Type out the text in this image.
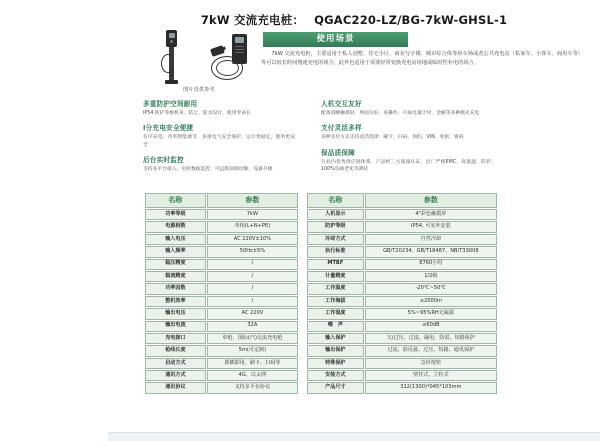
7kW 交流充电桩： QGAC220-LZ/BG-7kW-GHSL-1
图片仅供参考
使用场景
7kW 交流充电桩，主要适用于私人别墅、住宅小区、商业写字楼、城市综合体等停车场或者公共充电站（私家车、小客车、商用车等）等可以较长时间慢速充电的场合，此外也适用于需要经常变换充电站场地或临时性补电的场合。
多重防护空间耐用
IP54 防护等级机身、防尘、防水设计，使用寿命长
I分充电安全便捷
有序充电、功率智能调节、多重电气安全保护，运行更稳定，使用更安全
后台实时监控
支持多平台接入、实时数据监控、可远程故障诊断、设备升级
人机交互友好
配备清晰触摸屏、界面友好、易操作、可按电量计时、金额等多种模式充电
支付灵活多样
多种支付方式支持灵活选择：刷卡、扫码、预约、VIN、免密、密码
保品质保障
行业内优秀供应链体系、产品经三方质量认证、出厂严格EMC、高低温、防护、100%负载老化等测试
名称	参数
功率等级	7kW
电源相数	单相(L+N+PE)
输入电压	AC 220V±10%
输入频率	50Hz±5%
稳压精度	/
稳流精度	/
功率因数	/
整机效率	/
输出电压	AC 220V
输出电流	32A
充电接口	单枪、国标(汽)交流充电枪
枪线长度	5m(可定制)
启动方式	即插即用、刷卡、扫码等
通讯方式	4G、以太网
通讯协议	支持多平台协议
名称	参数
人机显示	4"彩色触摸屏
防护等级	IP54, 可室外安装
冷却方式	自然冷却
执行标准	GB/T20234、GB/T18487、NB/T33008
MTBF	8760小时
计量精度	1/2级
工作温度	-20℃~50℃
工作海拔	≤2000m
工作湿度	5%~95%RH无凝露
噪　声	≤60dB
输入保护	欠/过压、过流、漏电、防雷、短路保护
输出保护	过流、防反接、过压、短路、通讯保护
特殊保护	急停按钮
安装方式	壁挂式、立柱式
产品尺寸	312(1300)*045*103mm
